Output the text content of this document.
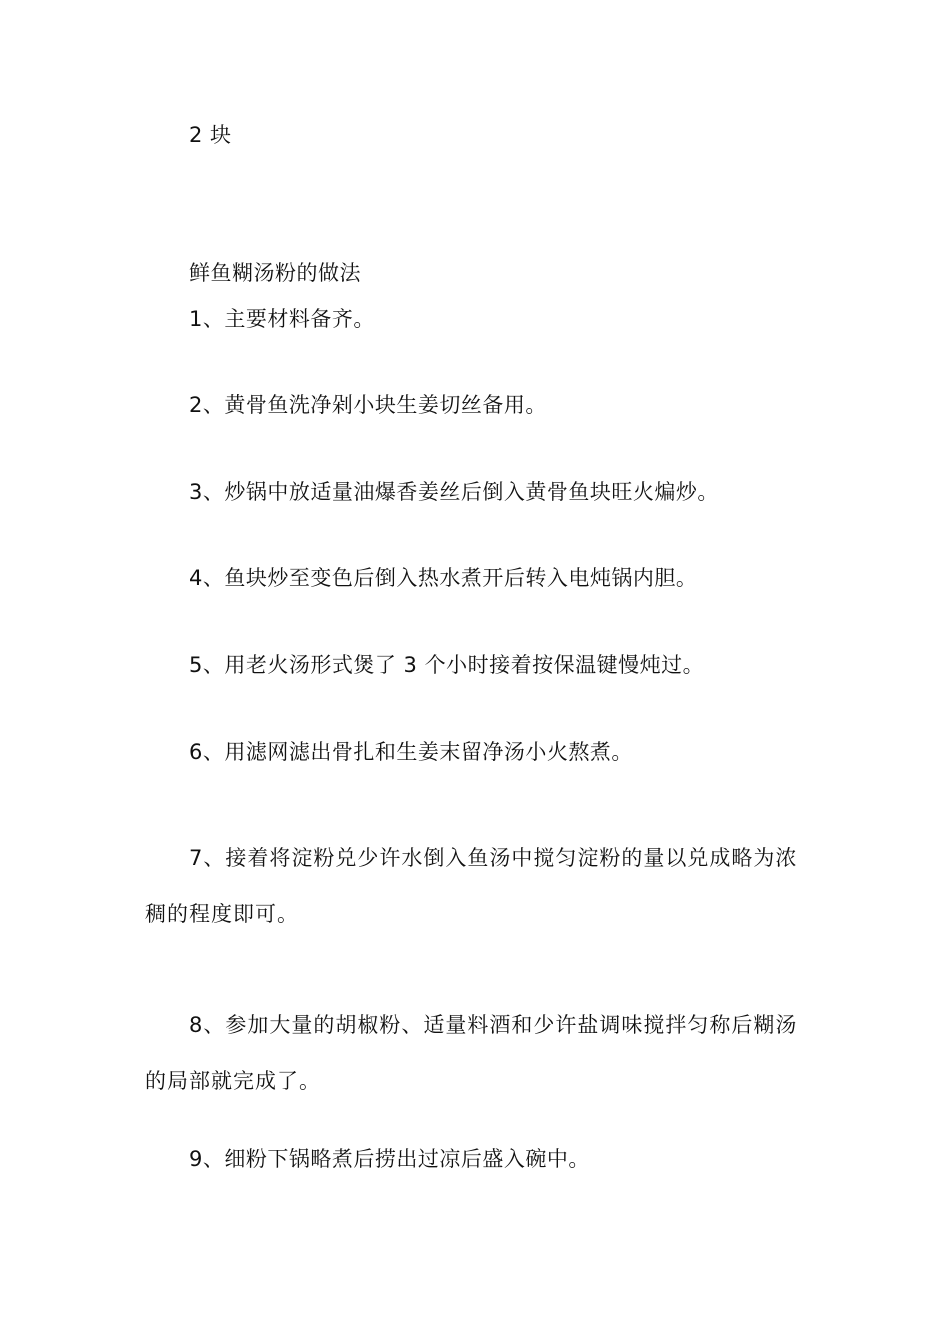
2 块
鲜鱼糊汤粉的做法
1、主要材料备齐。
2、黄骨鱼洗净剁小块生姜切丝备用。
3、炒锅中放适量油爆香姜丝后倒入黄骨鱼块旺火煸炒。
4、鱼块炒至变色后倒入热水煮开后转入电炖锅内胆。
5、用老火汤形式煲了 3 个小时接着按保温键慢炖过。
6、用滤网滤出骨扎和生姜末留净汤小火熬煮。
7、接着将淀粉兑少许水倒入鱼汤中搅匀淀粉的量以兑成略为浓稠的程度即可。
8、参加大量的胡椒粉、适量料酒和少许盐调味搅拌匀称后糊汤的局部就完成了。
9、细粉下锅略煮后捞出过凉后盛入碗中。
